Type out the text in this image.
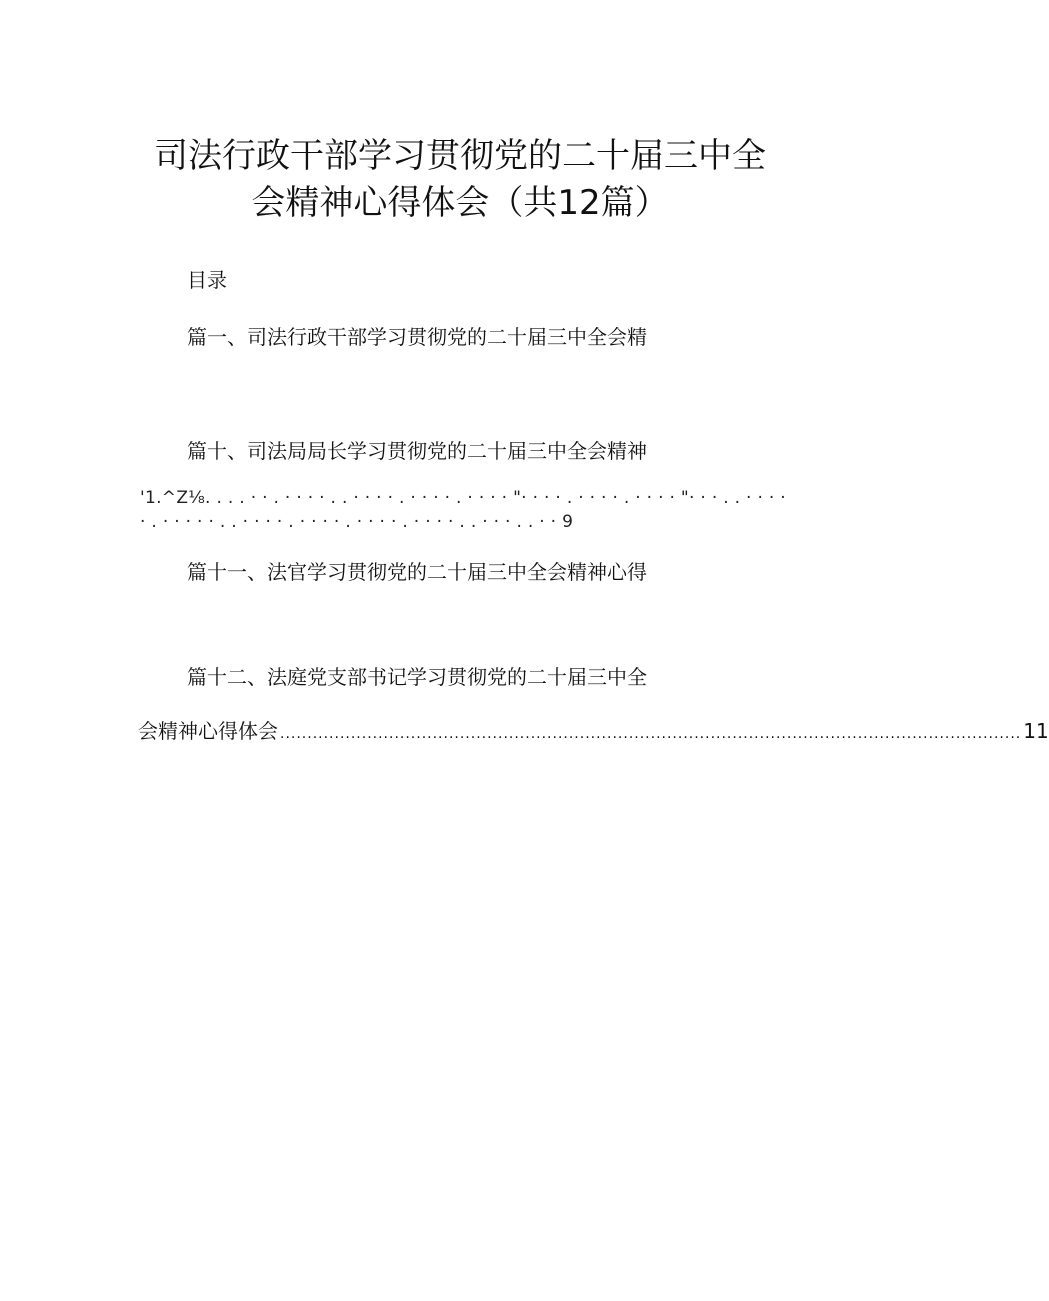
司法行政干部学习贯彻党的二十届三中全
会精神心得体会（共12篇）
目录
篇一、司法行政干部学习贯彻党的二十届三中全会精
篇十、司法局局长学习贯彻党的二十届三中全会精神
'1.^Z⅛. . . . · · . · · · · . . · · · · . · · · · . · · · · "· · · · . · · · · . · · · · "· · · . . · · · ·
· . · · · · · . . · · · · . · · · · . · · · · . · · · · . . · · · . . · · 9
篇十一、法官学习贯彻党的二十届三中全会精神心得
篇十二、法庭党支部书记学习贯彻党的二十届三中全
会精神心得体会 ........................................................................................................................................ 11
